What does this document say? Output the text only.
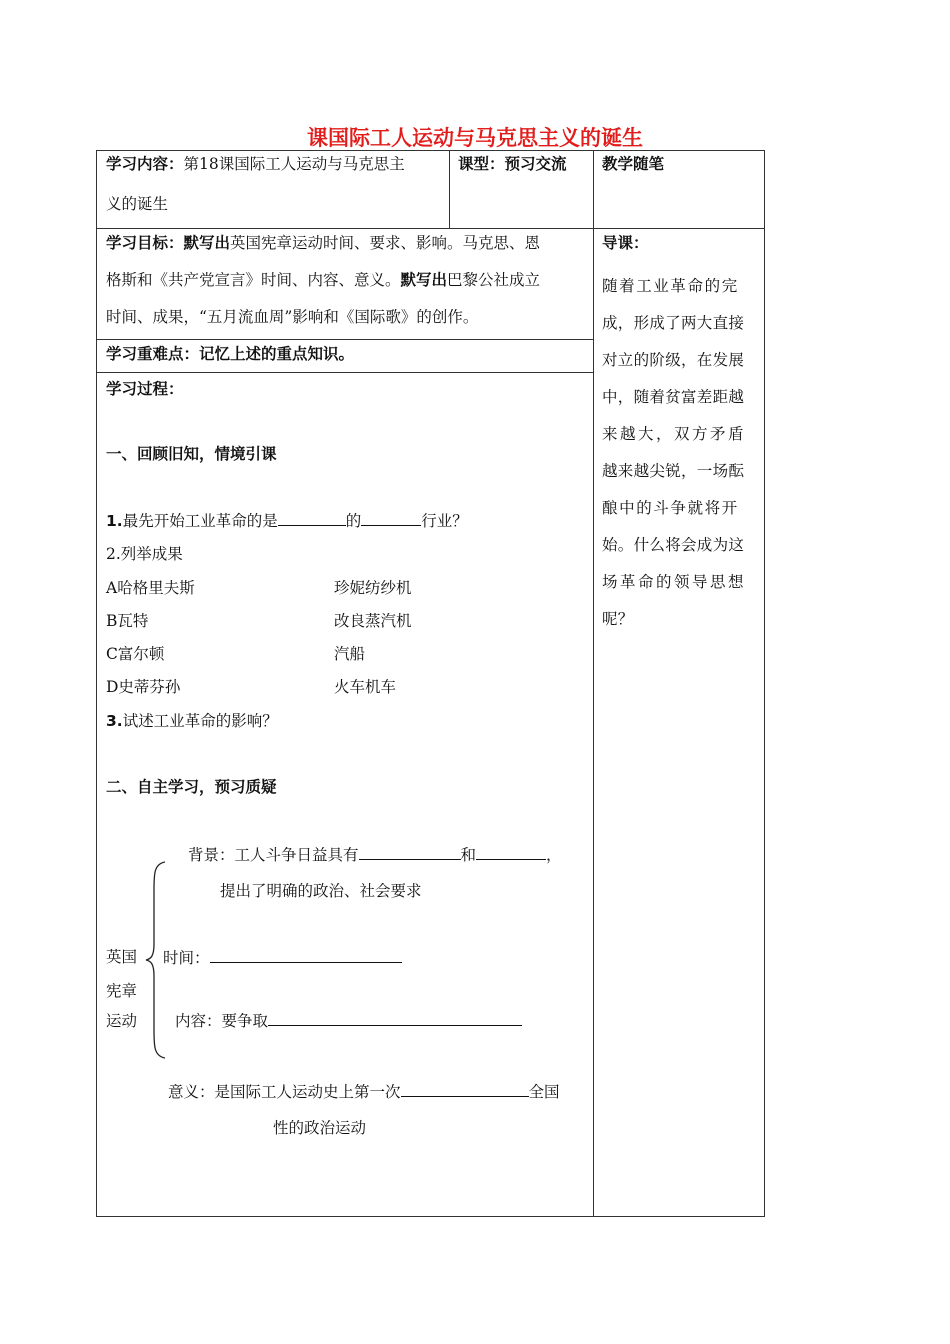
课国际工人运动与马克思主义的诞生
学习内容：第18课国际工人运动与马克思主
义的诞生
课型：预习交流 教学随笔
学习目标：默写出英国宪章运动时间、要求、影响。马克思、恩
格斯和《共产党宣言》时间、内容、意义。默写出巴黎公社成立
时间、成果，“五月流血周”影响和《国际歌》的创作。
学习重难点：记忆上述的重点知识。
学习过程：
一、回顾旧知，情境引课
1.最先开始工业革命的是	的	行业？
2.列举成果
A哈格里夫斯	珍妮纺纱机
B瓦特	改良蒸汽机
C富尔顿	汽船
D史蒂芬孙	火车机车
3.试述工业革命的影响？
二、自主学习，预习质疑
背景：工人斗争日益具有	和	，
提出了明确的政治、社会要求
英国
宪章
运动
时间：
内容：要争取
意义：是国际工人运动史上第一次	全国
性的政治运动
导课：
随着工业革命的完
成，形成了两大直接
对立的阶级，在发展
中，随着贫富差距越
来越大，双方矛盾
越来越尖锐，一场酝
酿中的斗争就将开
始。什么将会成为这
场革命的领导思想
呢？
